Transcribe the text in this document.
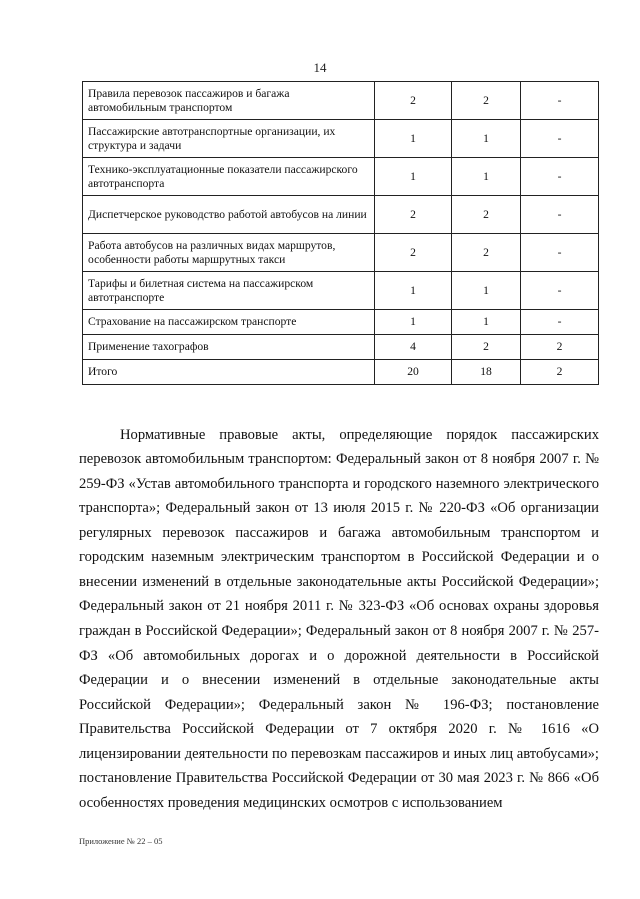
14
Правила перевозок пассажиров и багажа автомобильным транспортом	2	2	-
Пассажирские автотранспортные организации, их структура и задачи	1	1	-
Технико-эксплуатационные показатели пассажирского автотранспорта	1	1	-
Диспетчерское руководство работой автобусов на линии	2	2	-
Работа автобусов на различных видах маршрутов, особенности работы маршрутных такси	2	2	-
Тарифы и билетная система на пассажирском автотранспорте	1	1	-
Страхование на пассажирском транспорте	1	1	-
Применение тахографов	4	2	2
Итого	20	18	2

Нормативные правовые акты, определяющие порядок пассажирских перевозок автомобильным транспортом: Федеральный закон от 8 ноября 2007 г. № 259-ФЗ «Устав автомобильного транспорта и городского наземного электрического транспорта»; Федеральный закон от 13 июля 2015 г. № 220-ФЗ «Об организации регулярных перевозок пассажиров и багажа автомобильным транспортом и городским наземным электрическим транспортом в Российской Федерации и о внесении изменений в отдельные законодательные акты Российской Федерации»; Федеральный закон от 21 ноября 2011 г. № 323-ФЗ «Об основах охраны здоровья граждан в Российской Федерации»; Федеральный закон от 8 ноября 2007 г. № 257-ФЗ «Об автомобильных дорогах и о дорожной деятельности в Российской Федерации и о внесении изменений в отдельные законодательные акты Российской Федерации»; Федеральный закон № 196-ФЗ; постановление Правительства Российской Федерации от 7 октября 2020 г. № 1616 «О лицензировании деятельности по перевозкам пассажиров и иных лиц автобусами»; постановление Правительства Российской Федерации от 30 мая 2023 г. № 866 «Об особенностях проведения медицинских осмотров с использованием

Приложение № 22 – 05
